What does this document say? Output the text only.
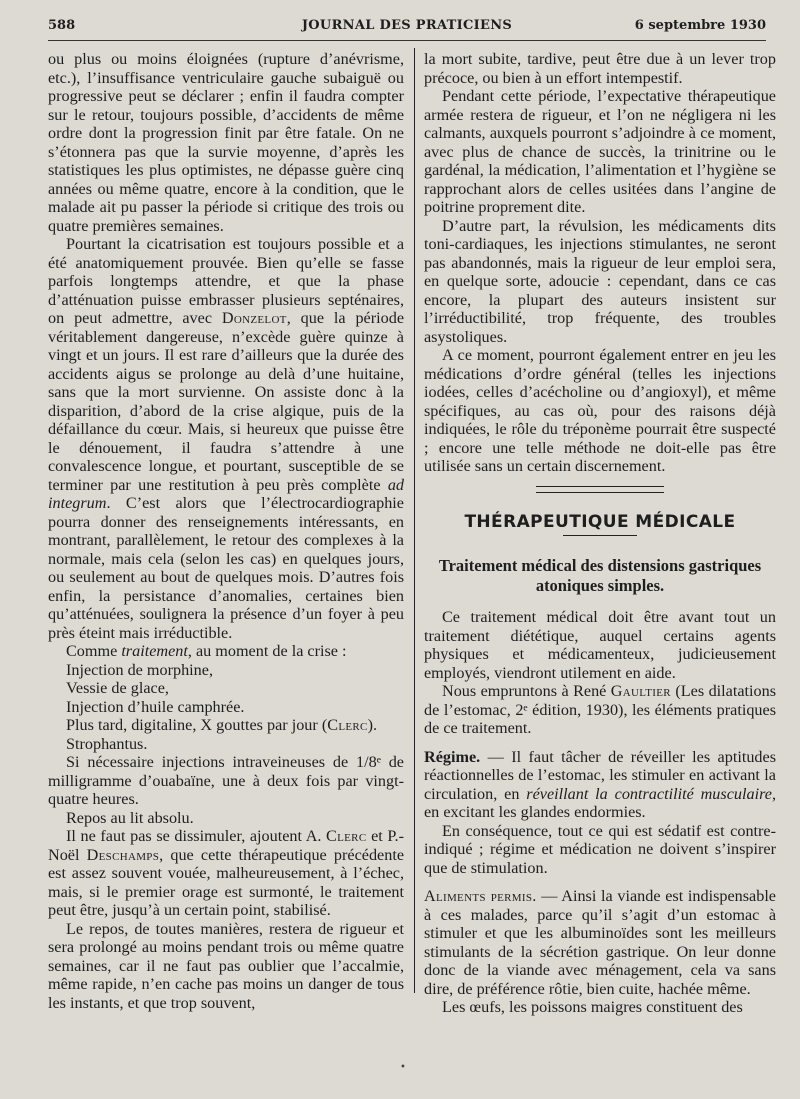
588	JOURNAL DES PRATICIENS	6 septembre 1930

ou plus ou moins éloignées (rupture d’anévrisme, etc.), l’insuffisance ventriculaire gauche subaiguë ou progressive peut se déclarer ; enfin il faudra compter sur le retour, toujours possible, d’accidents de même ordre dont la progression finit par être fatale. On ne s’étonnera pas que la survie moyenne, d’après les statistiques les plus optimistes, ne dépasse guère cinq années ou même quatre, encore à la condition, que le malade ait pu passer la période si critique des trois ou quatre premières semaines.

Pourtant la cicatrisation est toujours possible et a été anatomiquement prouvée. Bien qu’elle se fasse parfois longtemps attendre, et que la phase d’atténuation puisse embrasser plusieurs septénaires, on peut admettre, avec Donzelot, que la période véritablement dangereuse, n’excède guère quinze à vingt et un jours. Il est rare d’ailleurs que la durée des accidents aigus se prolonge au delà d’une huitaine, sans que la mort survienne. On assiste donc à la disparition, d’abord de la crise algique, puis de la défaillance du cœur. Mais, si heureux que puisse être le dénouement, il faudra s’attendre à une convalescence longue, et pourtant, susceptible de se terminer par une restitution à peu près complète ad integrum. C’est alors que l’électrocardiographie pourra donner des renseignements intéressants, en montrant, parallèlement, le retour des complexes à la normale, mais cela (selon les cas) en quelques jours, ou seulement au bout de quelques mois. D’autres fois enfin, la persistance d’anomalies, certaines bien qu’atténuées, soulignera la présence d’un foyer à peu près éteint mais irréductible.

Comme traitement, au moment de la crise :

Injection de morphine,

Vessie de glace,

Injection d’huile camphrée.

Plus tard, digitaline, X gouttes par jour (Clerc).

Strophantus.

Si nécessaire injections intraveineuses de 1/8ᵉ de milligramme d’ouabaïne, une à deux fois par vingt-quatre heures.

Repos au lit absolu.

Il ne faut pas se dissimuler, ajoutent A. Clerc et P.-Noël Deschamps, que cette thérapeutique précédente est assez souvent vouée, malheureusement, à l’échec, mais, si le premier orage est surmonté, le traitement peut être, jusqu’à un certain point, stabilisé.

Le repos, de toutes manières, restera de rigueur et sera prolongé au moins pendant trois ou même quatre semaines, car il ne faut pas oublier que l’accalmie, même rapide, n’en cache pas moins un danger de tous les instants, et que trop souvent,

la mort subite, tardive, peut être due à un lever trop précoce, ou bien à un effort intempestif.

Pendant cette période, l’expectative thérapeutique armée restera de rigueur, et l’on ne négligera ni les calmants, auxquels pourront s’adjoindre à ce moment, avec plus de chance de succès, la trinitrine ou le gardénal, la médication, l’alimentation et l’hygiène se rapprochant alors de celles usitées dans l’angine de poitrine proprement dite.

D’autre part, la révulsion, les médicaments dits toni-cardiaques, les injections stimulantes, ne seront pas abandonnés, mais la rigueur de leur emploi sera, en quelque sorte, adoucie : cependant, dans ce cas encore, la plupart des auteurs insistent sur l’irréductibilité, trop fréquente, des troubles asystoliques.

A ce moment, pourront également entrer en jeu les médications d’ordre général (telles les injections iodées, celles d’acécholine ou d’angioxyl), et même spécifiques, au cas où, pour des raisons déjà indiquées, le rôle du tréponème pourrait être suspecté ; encore une telle méthode ne doit-elle pas être utilisée sans un certain discernement.

THÉRAPEUTIQUE MÉDICALE
Traitement médical des distensions gastriques atoniques simples.

Ce traitement médical doit être avant tout un traitement diététique, auquel certains agents physiques et médicamenteux, judicieusement employés, viendront utilement en aide.

Nous empruntons à René Gaultier (Les dilatations de l’estomac, 2ᵉ édition, 1930), les éléments pratiques de ce traitement.

Régime. — Il faut tâcher de réveiller les aptitudes réactionnelles de l’estomac, les stimuler en activant la circulation, en réveillant la contractilité musculaire, en excitant les glandes endormies.

En conséquence, tout ce qui est sédatif est contre-indiqué ; régime et médication ne doivent s’inspirer que de stimulation.

Aliments permis. — Ainsi la viande est indispensable à ces malades, parce qu’il s’agit d’un estomac à stimuler et que les albuminoïdes sont les meilleurs stimulants de la sécrétion gastrique. On leur donne donc de la viande avec ménagement, cela va sans dire, de préférence rôtie, bien cuite, hachée même.

Les œufs, les poissons maigres constituent des

•
